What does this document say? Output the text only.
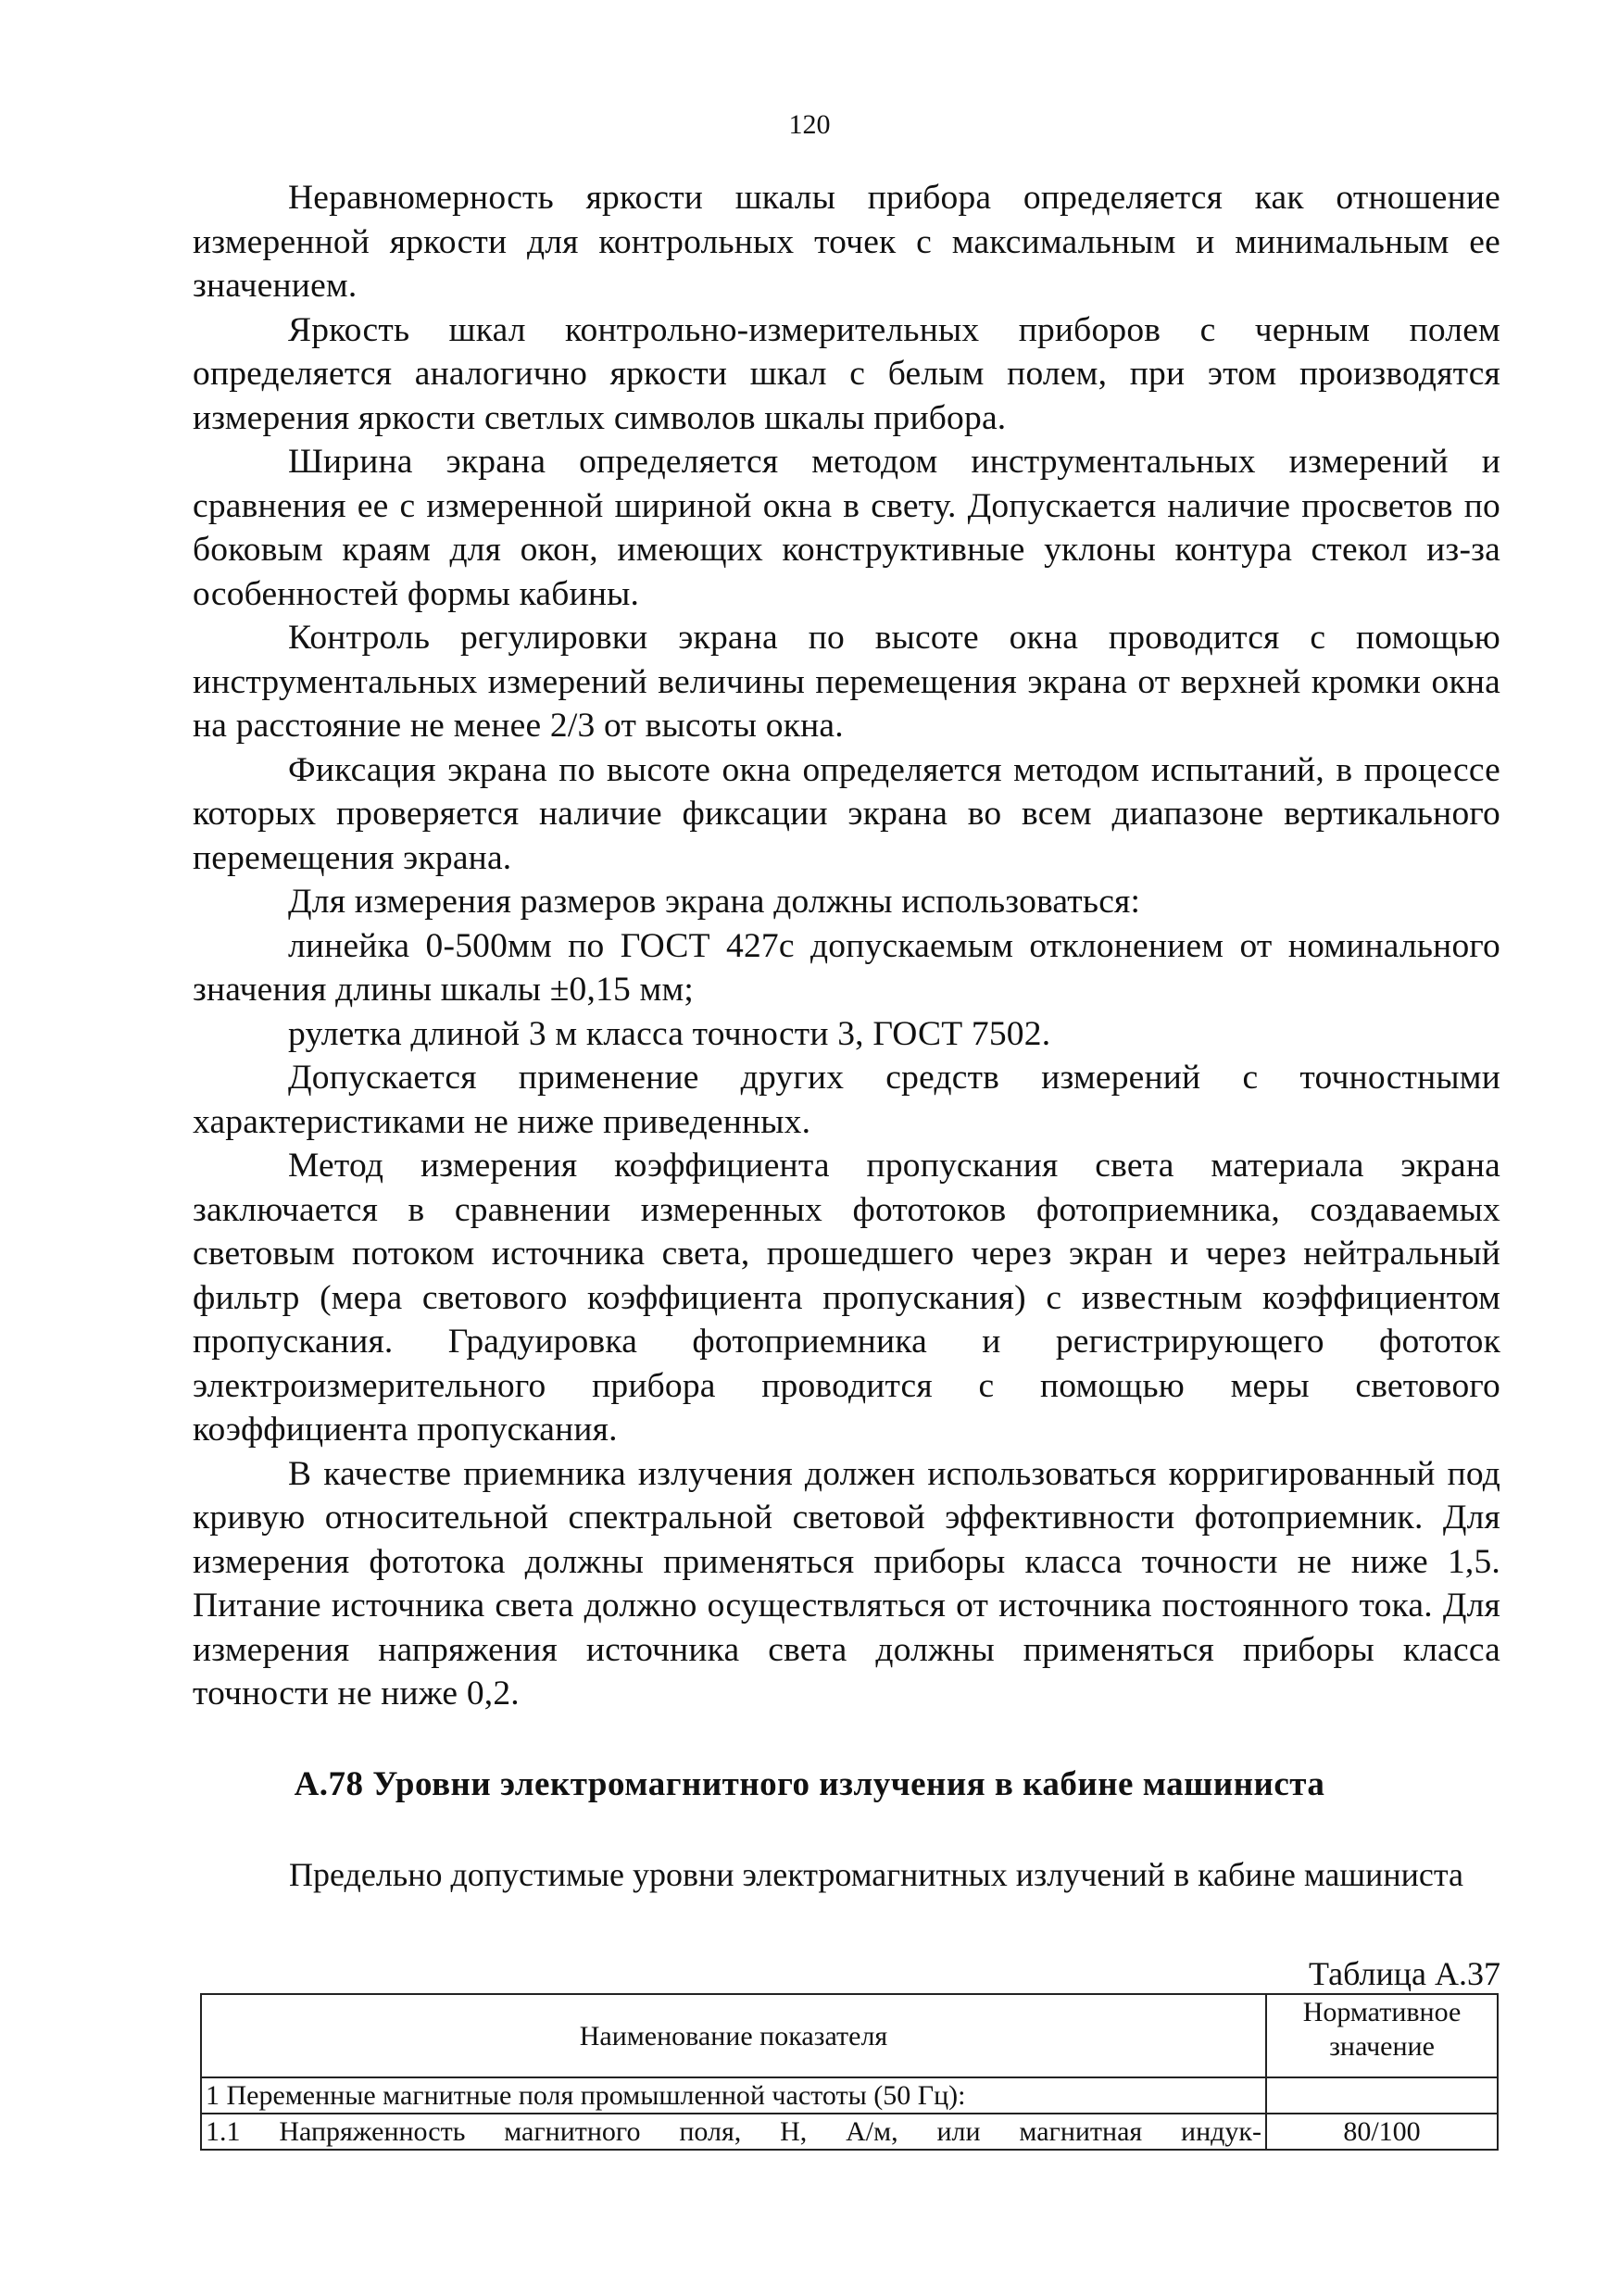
120

Неравномерность яркости шкалы прибора определяется как отношение измеренной яркости для контрольных точек с максимальным и минимальным ее значением.

Яркость шкал контрольно-измерительных приборов с черным полем определяется аналогично яркости шкал с белым полем, при этом производятся измерения яркости светлых символов шкалы прибора.

Ширина экрана определяется методом инструментальных измерений и сравнения ее с измеренной шириной окна в свету. Допускается наличие просветов по боковым краям для окон, имеющих конструктивные уклоны контура стекол из-за особенностей формы кабины.

Контроль регулировки экрана по высоте окна проводится с помощью инструментальных измерений величины перемещения экрана от верхней кромки окна на расстояние не менее 2/3 от высоты окна.

Фиксация экрана по высоте окна определяется методом испытаний, в процессе которых проверяется наличие фиксации экрана во всем диапазоне вертикального перемещения экрана.

Для измерения размеров экрана должны использоваться:

линейка 0-500мм по ГОСТ 427с допускаемым отклонением от номинального значения длины шкалы ±0,15 мм;

рулетка длиной 3 м класса точности 3, ГОСТ 7502.

Допускается применение других средств измерений с точностными характеристиками не ниже приведенных.

Метод измерения коэффициента пропускания света материала экрана заключается в сравнении измеренных фототоков фотоприемника, создаваемых световым потоком источника света, прошедшего через экран и через нейтральный фильтр (мера светового коэффициента пропускания) с известным коэффициентом пропускания. Градуировка фотоприемника и регистрирующего фототок электроизмерительного прибора проводится с помощью меры светового коэффициента пропускания.

В качестве приемника излучения должен использоваться корригированный под кривую относительной спектральной световой эффективности фотоприемник. Для измерения фототока должны применяться приборы класса точности не ниже 1,5. Питание источника света должно осуществляться от источника постоянного тока. Для измерения напряжения источника света должны применяться приборы класса точности не ниже 0,2.

А.78 Уровни электромагнитного излучения в кабине машиниста
Предельно допустимые уровни электромагнитных излучений в кабине машиниста
Таблица А.37
Наименование показателя	Нормативное значение
1 Переменные магнитные поля промышленной частоты (50 Гц):	
1.1 Напряженность магнитного поля, Н, А/м, или магнитная индук-	80/100
